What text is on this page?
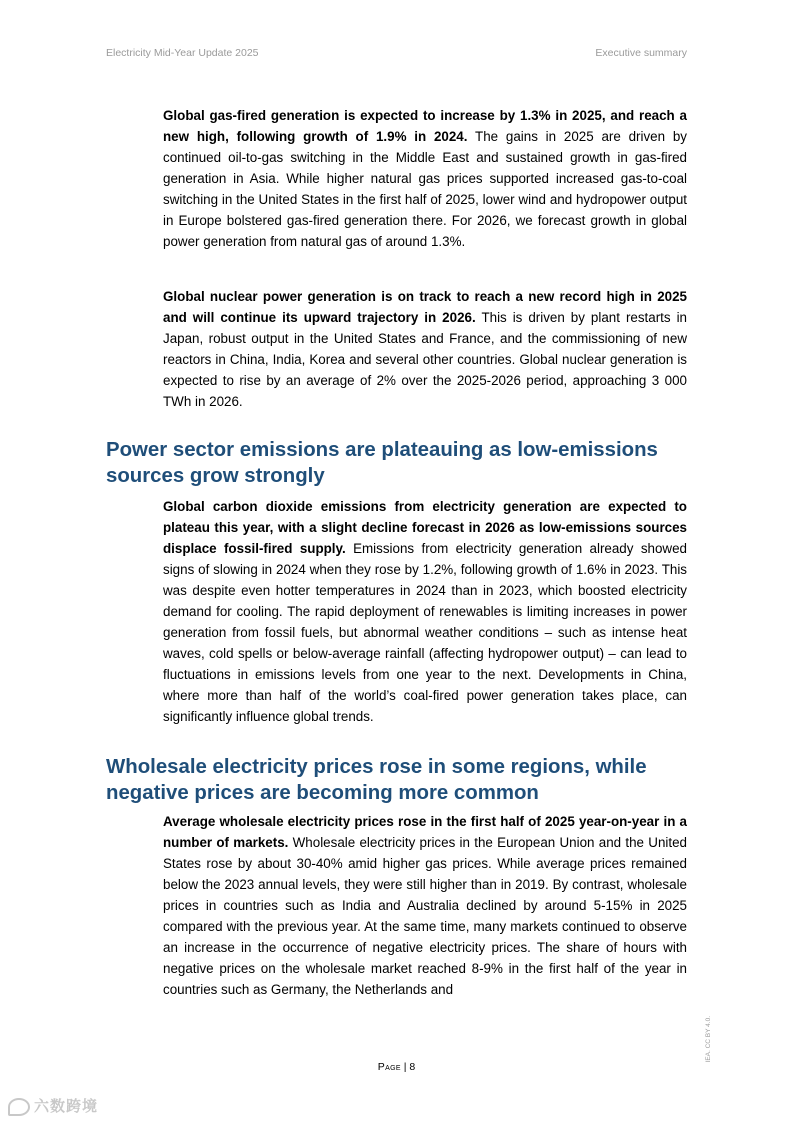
Electricity Mid-Year Update 2025	Executive summary

Global gas-fired generation is expected to increase by 1.3% in 2025, and reach a new high, following growth of 1.9% in 2024. The gains in 2025 are driven by continued oil-to-gas switching in the Middle East and sustained growth in gas-fired generation in Asia. While higher natural gas prices supported increased gas-to-coal switching in the United States in the first half of 2025, lower wind and hydropower output in Europe bolstered gas-fired generation there. For 2026, we forecast growth in global power generation from natural gas of around 1.3%.

Global nuclear power generation is on track to reach a new record high in 2025 and will continue its upward trajectory in 2026. This is driven by plant restarts in Japan, robust output in the United States and France, and the commissioning of new reactors in China, India, Korea and several other countries. Global nuclear generation is expected to rise by an average of 2% over the 2025-2026 period, approaching 3 000 TWh in 2026.

Power sector emissions are plateauing as low-emissions sources grow strongly

Global carbon dioxide emissions from electricity generation are expected to plateau this year, with a slight decline forecast in 2026 as low-emissions sources displace fossil-fired supply. Emissions from electricity generation already showed signs of slowing in 2024 when they rose by 1.2%, following growth of 1.6% in 2023. This was despite even hotter temperatures in 2024 than in 2023, which boosted electricity demand for cooling. The rapid deployment of renewables is limiting increases in power generation from fossil fuels, but abnormal weather conditions – such as intense heat waves, cold spells or below-average rainfall (affecting hydropower output) – can lead to fluctuations in emissions levels from one year to the next. Developments in China, where more than half of the world’s coal-fired power generation takes place, can significantly influence global trends.

Wholesale electricity prices rose in some regions, while negative prices are becoming more common

Average wholesale electricity prices rose in the first half of 2025 year-on-year in a number of markets. Wholesale electricity prices in the European Union and the United States rose by about 30-40% amid higher gas prices. While average prices remained below the 2023 annual levels, they were still higher than in 2019. By contrast, wholesale prices in countries such as India and Australia declined by around 5-15% in 2025 compared with the previous year. At the same time, many markets continued to observe an increase in the occurrence of negative electricity prices. The share of hours with negative prices on the wholesale market reached 8-9% in the first half of the year in countries such as Germany, the Netherlands and

Page | 8
IEA. CC BY 4.0.
六数跨境
